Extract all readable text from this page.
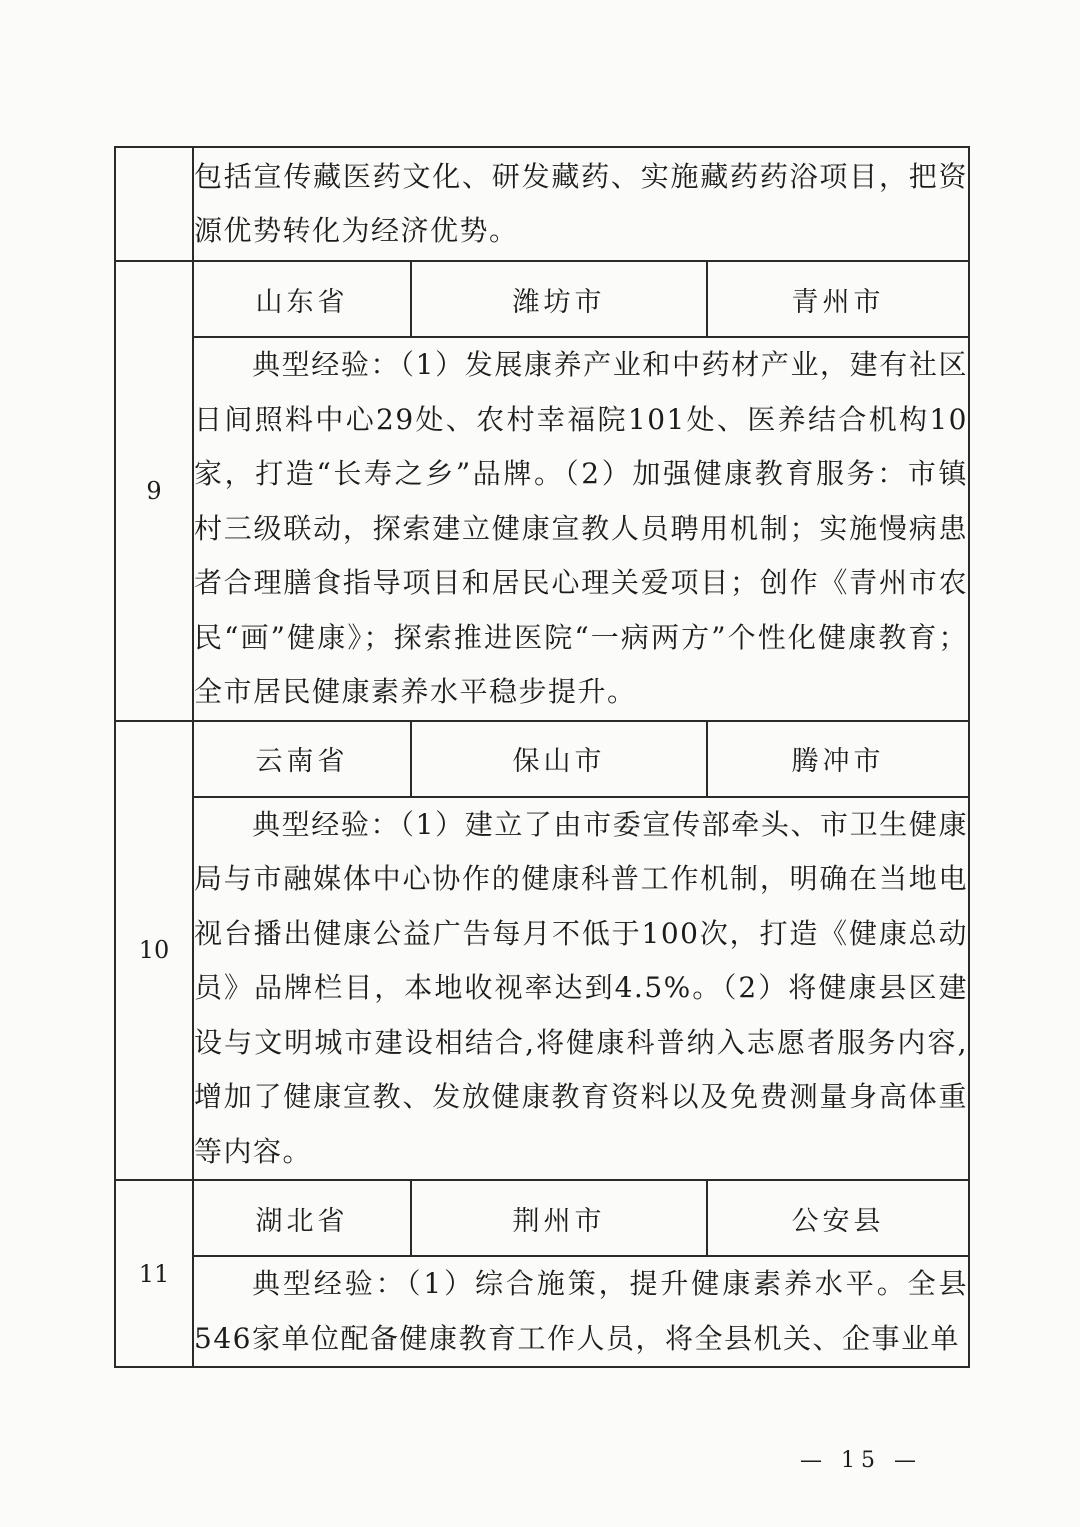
	包括宣传藏医药文化、研发藏药、实施藏药药浴项目，把资源优势转化为经济优势。		
9	山东省	潍坊市	青州市
	典型经验：（1）发展康养产业和中药材产业，建有社区日间照料中心29处、农村幸福院101处、医养结合机构10家，打造“长寿之乡”品牌。（2）加强健康教育服务：市镇村三级联动，探索建立健康宣教人员聘用机制；实施慢病患者合理膳食指导项目和居民心理关爱项目；创作《青州市农民“画”健康》；探索推进医院“一病两方”个性化健康教育；全市居民健康素养水平稳步提升。		
10	云南省	保山市	腾冲市
	典型经验：（1）建立了由市委宣传部牵头、市卫生健康局与市融媒体中心协作的健康科普工作机制，明确在当地电视台播出健康公益广告每月不低于100次，打造《健康总动员》品牌栏目，本地收视率达到4.5%。（2）将健康县区建设与文明城市建设相结合,将健康科普纳入志愿者服务内容,增加了健康宣教、发放健康教育资料以及免费测量身高体重等内容。		
11	湖北省	荆州市	公安县
	典型经验：（1）综合施策，提升健康素养水平。全县546家单位配备健康教育工作人员，将全县机关、企事业单		
— 15 —
